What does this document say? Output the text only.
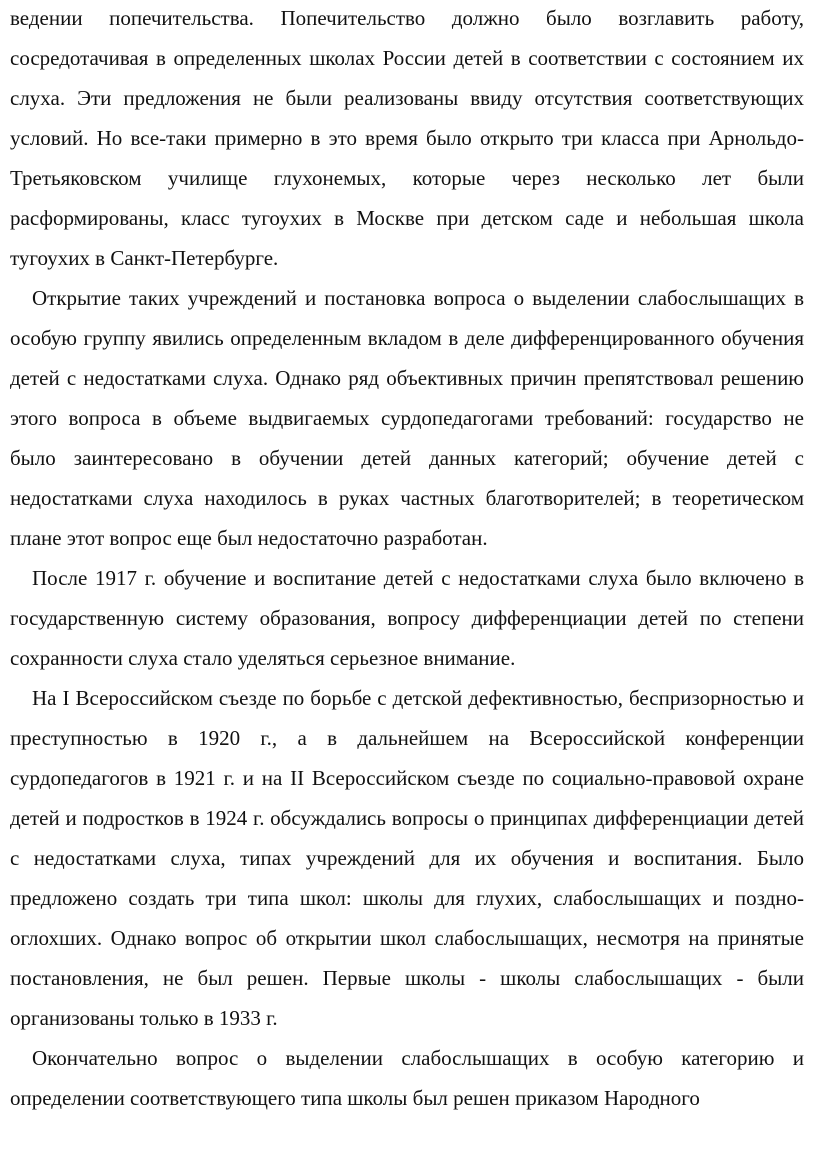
ведении попечительства. Попечительство должно было возглавить работу, сосредотачивая в определенных школах России детей в соответствии с состоянием их слуха. Эти предложения не были реализованы ввиду отсутствия соответствующих условий. Но все-таки примерно в это время было открыто три класса при Арнольдо-Третьяковском училище глухонемых, которые через несколько лет были расформированы, класс тугоухих в Москве при детском саде и небольшая школа тугоухих в Санкт-Петербурге.

Открытие таких учреждений и постановка вопроса о выделении слабослышащих в особую группу явились определенным вкладом в деле дифференцированного обучения детей с недостатками слуха. Однако ряд объективных причин препятствовал решению этого вопроса в объеме выдвигаемых сурдопедагогами требований: государство не было заинтересовано в обучении детей данных категорий; обучение детей с недостатками слуха находилось в руках частных благотворителей; в теоретическом плане этот вопрос еще был недостаточно разработан.

После 1917 г. обучение и воспитание детей с недостатками слуха было включено в государственную систему образования, вопросу дифференциации детей по степени сохранности слуха стало уделяться серьезное внимание.

На I Всероссийском съезде по борьбе с детской дефективностью, беспризорностью и преступностью в 1920 г., а в дальнейшем на Всероссийской конференции сурдопедагогов в 1921 г. и на II Всероссийском съезде по социально-правовой охране детей и подростков в 1924 г. обсуждались вопросы о принципах дифференциации детей с недостатками слуха, типах учреждений для их обучения и воспитания. Было предложено создать три типа школ: школы для глухих, слабослышащих и поздно-оглохших. Однако вопрос об открытии школ слабослышащих, несмотря на принятые постановления, не был решен. Первые школы - школы слабослышащих - были организованы только в 1933 г.

Окончательно вопрос о выделении слабослышащих в особую категорию и определении соответствующего типа школы был решен приказом Народного
